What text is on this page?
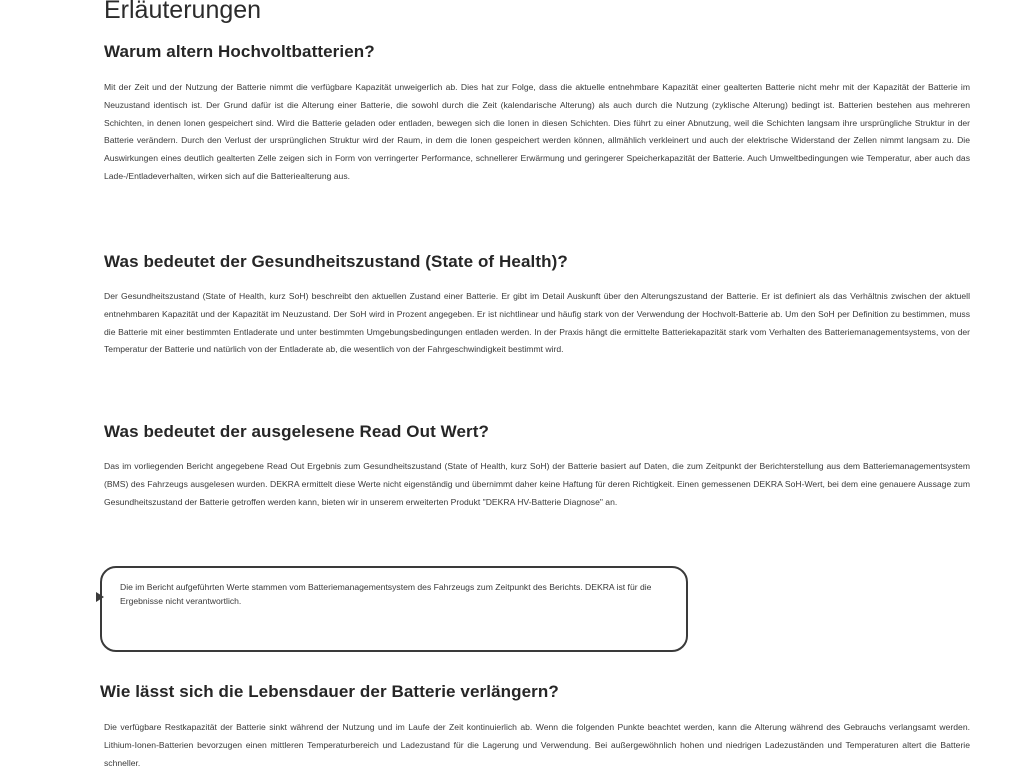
Erläuterungen
Warum altern Hochvoltbatterien?

Mit der Zeit und der Nutzung der Batterie nimmt die verfügbare Kapazität unweigerlich ab. Dies hat zur Folge, dass die aktuelle entnehmbare Kapazität einer gealterten Batterie nicht mehr mit der Kapazität der Batterie im Neuzustand identisch ist. Der Grund dafür ist die Alterung einer Batterie, die sowohl durch die Zeit (kalendarische Alterung) als auch durch die Nutzung (zyklische Alterung) bedingt ist. Batterien bestehen aus mehreren Schichten, in denen Ionen gespeichert sind. Wird die Batterie geladen oder entladen, bewegen sich die Ionen in diesen Schichten. Dies führt zu einer Abnutzung, weil die Schichten langsam ihre ursprüngliche Struktur in der Batterie verändern. Durch den Verlust der ursprünglichen Struktur wird der Raum, in dem die Ionen gespeichert werden können, allmählich verkleinert und auch der elektrische Widerstand der Zellen nimmt langsam zu. Die Auswirkungen eines deutlich gealterten Zelle zeigen sich in Form von verringerter Performance, schnellerer Erwärmung und geringerer Speicherkapazität der Batterie. Auch Umweltbedingungen wie Temperatur, aber auch das Lade-/Entladeverhalten, wirken sich auf die Batteriealterung aus.

Was bedeutet der Gesundheitszustand (State of Health)?

Der Gesundheitszustand (State of Health, kurz SoH) beschreibt den aktuellen Zustand einer Batterie. Er gibt im Detail Auskunft über den Alterungszustand der Batterie. Er ist definiert als das Verhältnis zwischen der aktuell entnehmbaren Kapazität und der Kapazität im Neuzustand. Der SoH wird in Prozent angegeben. Er ist nichtlinear und häufig stark von der Verwendung der Hochvolt-Batterie ab. Um den SoH per Definition zu bestimmen, muss die Batterie mit einer bestimmten Entladerate und unter bestimmten Umgebungsbedingungen entladen werden. In der Praxis hängt die ermittelte Batteriekapazität stark vom Verhalten des Batteriemanagementsystems, von der Temperatur der Batterie und natürlich von der Entladerate ab, die wesentlich von der Fahrgeschwindigkeit bestimmt wird.

Was bedeutet der ausgelesene Read Out Wert?

Das im vorliegenden Bericht angegebene Read Out Ergebnis zum Gesundheitszustand (State of Health, kurz SoH) der Batterie basiert auf Daten, die zum Zeitpunkt der Berichterstellung aus dem Batteriemanagementsystem (BMS) des Fahrzeugs ausgelesen wurden. DEKRA ermittelt diese Werte nicht eigenständig und übernimmt daher keine Haftung für deren Richtigkeit. Einen gemessenen DEKRA SoH-Wert, bei dem eine genauere Aussage zum Gesundheitszustand der Batterie getroffen werden kann, bieten wir in unserem erweiterten Produkt "DEKRA HV-Batterie Diagnose" an.

Die im Bericht aufgeführten Werte stammen vom Batteriemanagementsystem des Fahrzeugs zum Zeitpunkt des Berichts. DEKRA ist für die Ergebnisse nicht verantwortlich.

Wie lässt sich die Lebensdauer der Batterie verlängern?

Die verfügbare Restkapazität der Batterie sinkt während der Nutzung und im Laufe der Zeit kontinuierlich ab. Wenn die folgenden Punkte beachtet werden, kann die Alterung während des Gebrauchs verlangsamt werden. Lithium-Ionen-Batterien bevorzugen einen mittleren Temperaturbereich und Ladezustand für die Lagerung und Verwendung. Bei außergewöhnlich hohen und niedrigen Ladezuständen und Temperaturen altert die Batterie schneller.
